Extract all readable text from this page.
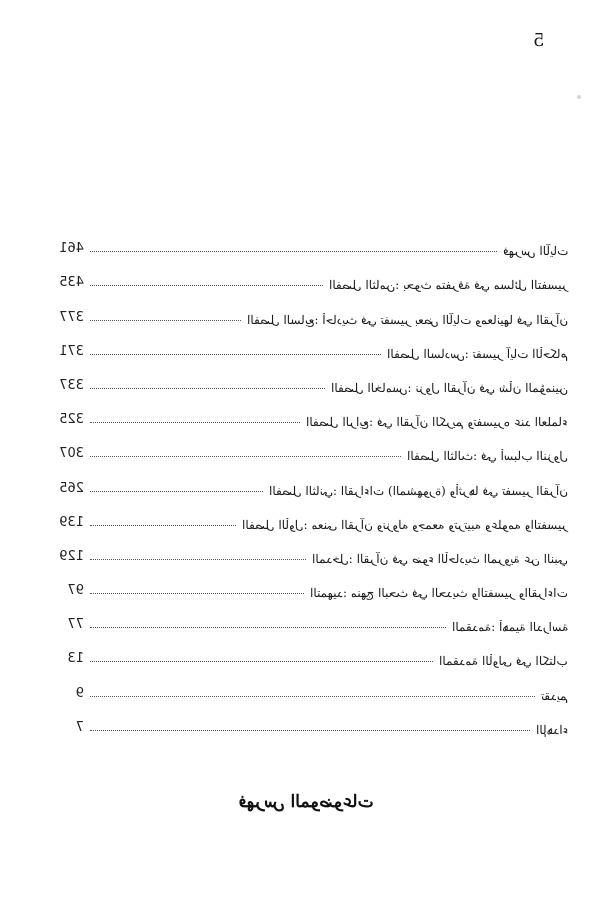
5
461	فهرس الآيات
435	الفصل الثامن: بحوث متفرقة في مسائل التفسير
377	الفصل السابع: أحاديث في تفسير بعض الآيات ومعانيها في القرآن
371	الفصل السادس: تفسير آيات الأحكام
337	الفصل الخامس: نزول القرآن في شأن المؤمنين
325	الفصل الرابع: في القرآن الكريم وتفسيره عند العلماء
307	الفصل الثالث: في أسباب النزول
265	الفصل الثاني: القراءات (المشهورة) وأثرها في تفسير القرآن
139	الفصل الأول: معنى القرآن ونزوله وجمعه وترتيبه وعلومه والتفسير
129	المدخل: القرآن في ضوء الأحاديث المروية عن النبي
97	التمهيد: منهج البحث في الحديث والتفسير والقراءات
77	المقدمة: أهمية الدراسة
13	المقدمة الأولى في الكتاب
9	تقديم
7	الإهداء
فهرس الموضوعات
